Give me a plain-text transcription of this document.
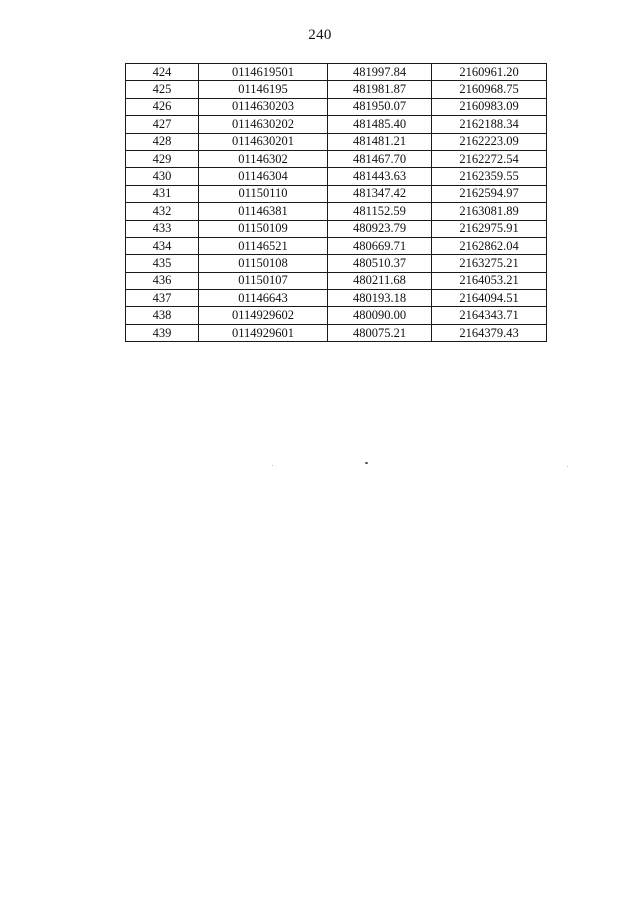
240
424	0114619501	481997.84	2160961.20
425	01146195	481981.87	2160968.75
426	0114630203	481950.07	2160983.09
427	0114630202	481485.40	2162188.34
428	0114630201	481481.21	2162223.09
429	01146302	481467.70	2162272.54
430	01146304	481443.63	2162359.55
431	01150110	481347.42	2162594.97
432	01146381	481152.59	2163081.89
433	01150109	480923.79	2162975.91
434	01146521	480669.71	2162862.04
435	01150108	480510.37	2163275.21
436	01150107	480211.68	2164053.21
437	01146643	480193.18	2164094.51
438	0114929602	480090.00	2164343.71
439	0114929601	480075.21	2164379.43
